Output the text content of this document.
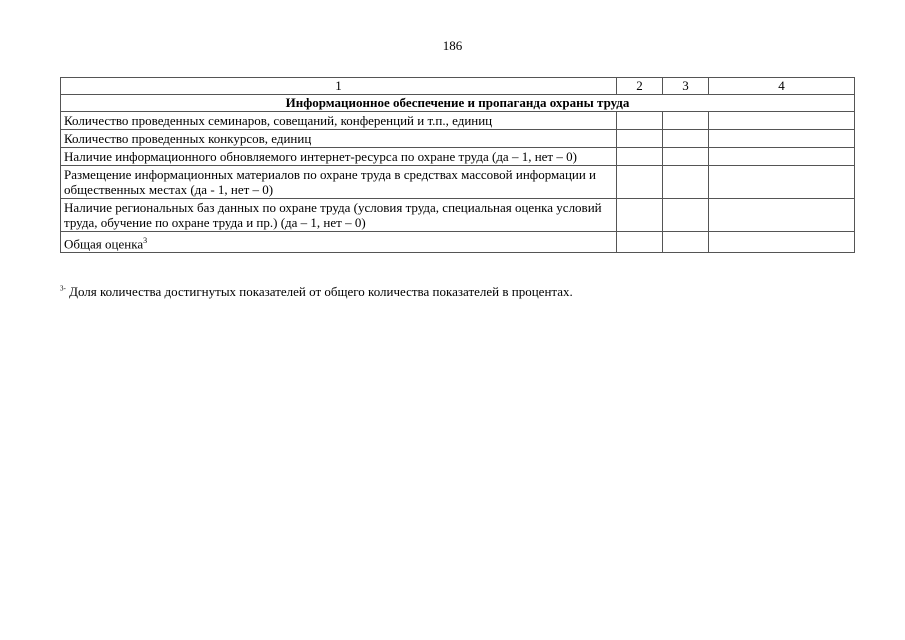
186
1	2	3	4
Информационное обеспечение и пропаганда охраны труда			
Количество проведенных семинаров, совещаний, конференций и т.п., единиц			
Количество проведенных конкурсов, единиц			
Наличие информационного обновляемого интернет-ресурса по охране труда (да – 1, нет – 0)			
Размещение информационных материалов по охране труда в средствах массовой информации и общественных местах (да - 1, нет – 0)			
Наличие региональных баз данных по охране труда (условия труда, специальная оценка условий труда, обучение по охране труда и пр.) (да – 1, нет – 0)			
Общая оценка$^3$			
$^{3-}$ Доля количества достигнутых показателей от общего количества показателей в процентах.
